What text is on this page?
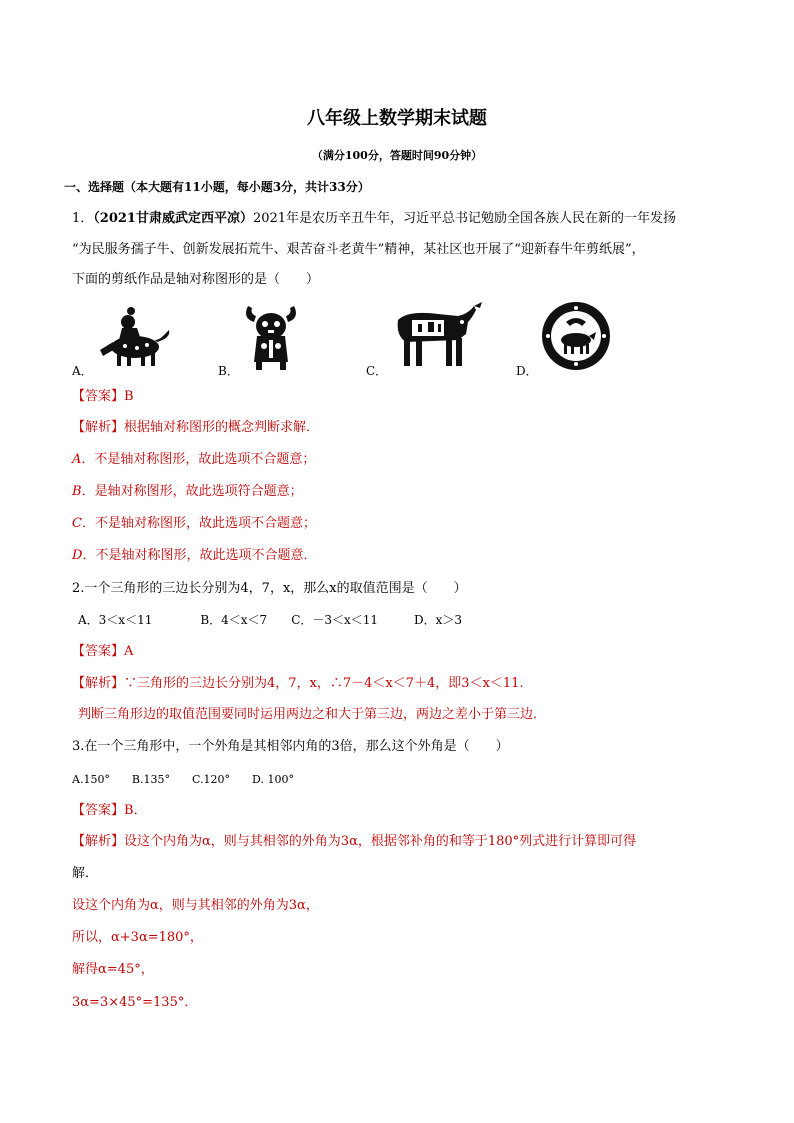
八年级上数学期末试题
（满分100分，答题时间90分钟）
一、选择题（本大题有11小题，每小题3分，共计33分）
1．（2021甘肃威武定西平凉）2021年是农历辛丑牛年，习近平总书记勉励全国各族人民在新的一年发扬
“为民服务孺子牛、创新发展拓荒牛、艰苦奋斗老黄牛”精神，某社区也开展了“迎新春牛年剪纸展”，
下面的剪纸作品是轴对称图形的是（　　）
A．	B．	C．	D．
【答案】B
【解析】根据轴对称图形的概念判断求解．
A．不是轴对称图形，故此选项不合题意；
B．是轴对称图形，故此选项符合题意；
C．不是轴对称图形，故此选项不合题意；
D．不是轴对称图形，故此选项不合题意．
2.一个三角形的三边长分别为4，7，x，那么x的取值范围是（　　）
A．3＜x＜11　　　　B．4＜x＜7　　C．－3＜x＜11　　　D．x＞3
【答案】A
【解析】∵三角形的三边长分别为4，7，x，∴7－4＜x＜7＋4，即3＜x＜11.
判断三角形边的取值范围要同时运用两边之和大于第三边，两边之差小于第三边．
3.在一个三角形中，一个外角是其相邻内角的3倍，那么这个外角是（　　）
A.150°　　B.135°　　C.120°　　D. 100°
【答案】B．
【解析】设这个内角为α，则与其相邻的外角为3α，根据邻补角的和等于180°列式进行计算即可得
解．
设这个内角为α，则与其相邻的外角为3α，
所以，α+3α=180°，
解得α=45°，
3α=3×45°=135°．
